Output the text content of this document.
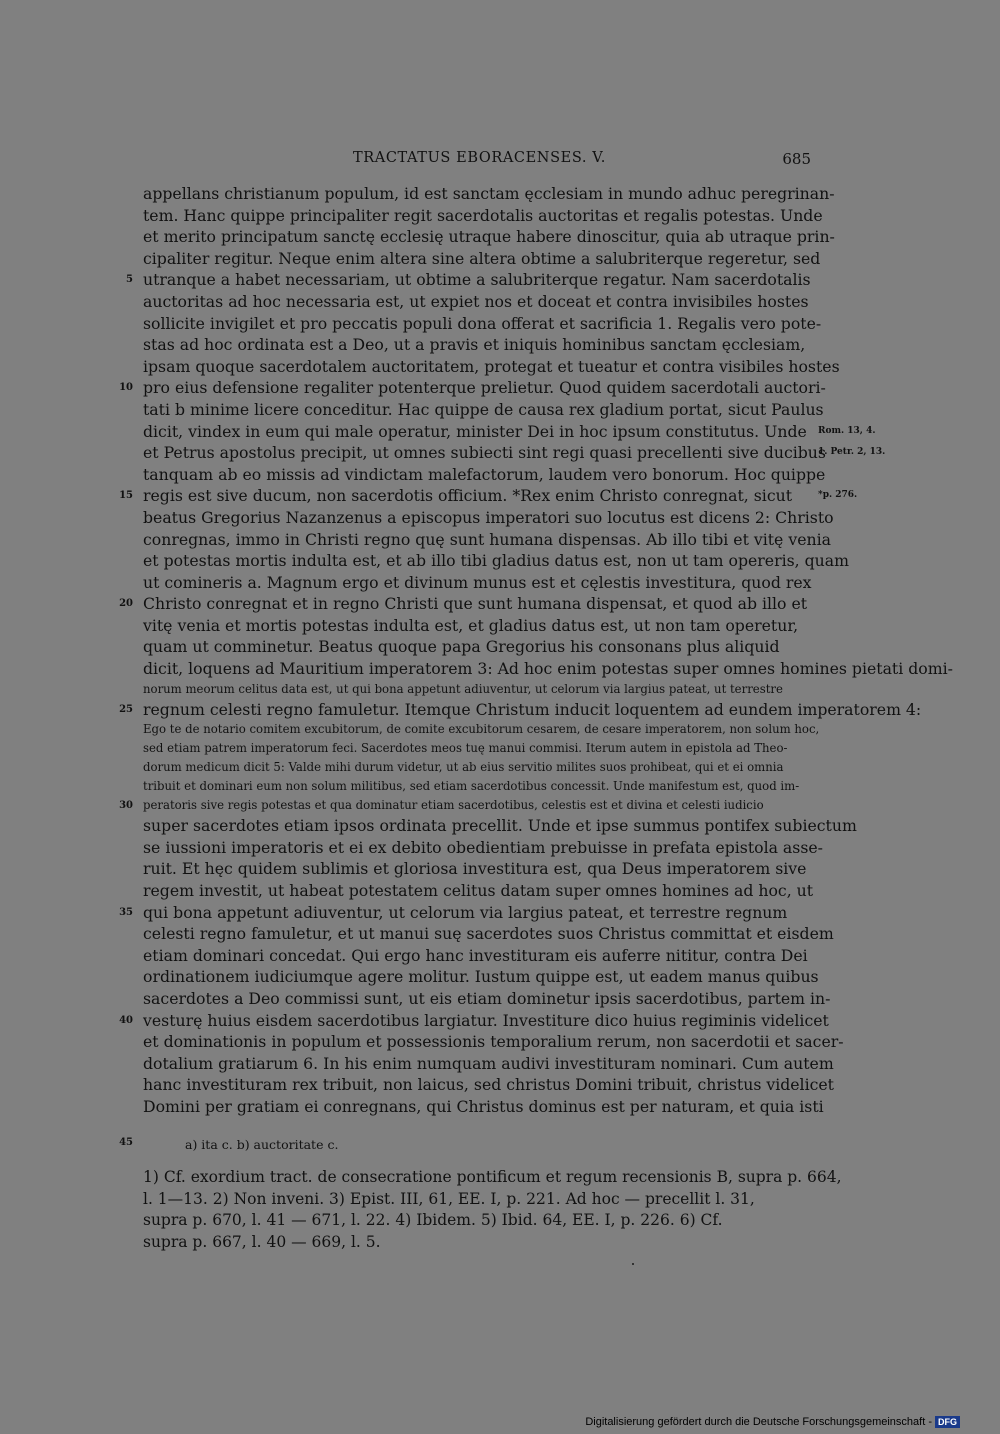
TRACTATUS EBORACENSES. V.	685
appellans christianum populum, id est sanctam ęcclesiam in mundo adhuc peregrinan-
tem. Hanc quippe principaliter regit sacerdotalis auctoritas et regalis potestas. Unde
et merito principatum sanctę ecclesię utraque habere dinoscitur, quia ab utraque prin-
cipaliter regitur. Neque enim altera sine altera obtime a salubriterque regeretur, sed
5 utranque a habet necessariam, ut obtime a salubriterque regatur. Nam sacerdotalis
auctoritas ad hoc necessaria est, ut expiet nos et doceat et contra invisibiles hostes
sollicite invigilet et pro peccatis populi dona offerat et sacrificia 1. Regalis vero pote-
stas ad hoc ordinata est a Deo, ut a pravis et iniquis hominibus sanctam ęcclesiam,
ipsam quoque sacerdotalem auctoritatem, protegat et tueatur et contra visibiles hostes
10 pro eius defensione regaliter potenterque prelietur. Quod quidem sacerdotali auctori-
tati b minime licere conceditur. Hac quippe de causa rex gladium portat, sicut Paulus
dicit, vindex in eum qui male operatur, minister Dei in hoc ipsum constitutus. Unde	Rom. 13, 4.
et Petrus apostolus precipit, ut omnes subiecti sint regi quasi precellenti sive ducibus
1. Petr. 2, 13.
tanquam ab eo missis ad vindictam malefactorum, laudem vero bonorum. Hoc quippe
15 regis est sive ducum, non sacerdotis officium. *Rex enim Christo conregnat, sicut	*p. 276.
beatus Gregorius Nazanzenus a episcopus imperatori suo locutus est dicens 2: Christo
conregnas, immo in Christi regno quę sunt humana dispensas. Ab illo tibi et vitę venia
et potestas mortis indulta est, et ab illo tibi gladius datus est, non ut tam opereris, quam
ut comineris a. Magnum ergo et divinum munus est et cęlestis investitura, quod rex
20 Christo conregnat et in regno Christi que sunt humana dispensat, et quod ab illo et
vitę venia et mortis potestas indulta est, et gladius datus est, ut non tam operetur,
quam ut comminetur. Beatus quoque papa Gregorius his consonans plus aliquid
dicit, loquens ad Mauritium imperatorem 3: Ad hoc enim potestas super omnes homines pietati domi-
norum meorum celitus data est, ut qui bona appetunt adiuventur, ut celorum via largius pateat, ut terrestre
25 regnum celesti regno famuletur. Itemque Christum inducit loquentem ad eundem imperatorem 4:
Ego te de notario comitem excubitorum, de comite excubitorum cesarem, de cesare imperatorem, non solum hoc,
sed etiam patrem imperatorum feci. Sacerdotes meos tuę manui commisi. Iterum autem in epistola ad Theo-
dorum medicum dicit 5: Valde mihi durum videtur, ut ab eius servitio milites suos prohibeat, qui et ei omnia
tribuit et dominari eum non solum militibus, sed etiam sacerdotibus concessit. Unde manifestum est, quod im-
30 peratoris sive regis potestas et qua dominatur etiam sacerdotibus, celestis est et divina et celesti iudicio
super sacerdotes etiam ipsos ordinata precellit. Unde et ipse summus pontifex subiectum
se iussioni imperatoris et ei ex debito obedientiam prebuisse in prefata epistola asse-
ruit. Et hęc quidem sublimis et gloriosa investitura est, qua Deus imperatorem sive
regem investit, ut habeat potestatem celitus datam super omnes homines ad hoc, ut
35 qui bona appetunt adiuventur, ut celorum via largius pateat, et terrestre regnum
celesti regno famuletur, et ut manui suę sacerdotes suos Christus committat et eisdem
etiam dominari concedat. Qui ergo hanc investituram eis auferre nititur, contra Dei
ordinationem iudiciumque agere molitur. Iustum quippe est, ut eadem manus quibus
sacerdotes a Deo commissi sunt, ut eis etiam dominetur ipsis sacerdotibus, partem in-
40 vesturę huius eisdem sacerdotibus largiatur. Investiture dico huius regiminis videlicet
et dominationis in populum et possessionis temporalium rerum, non sacerdotii et sacer-
dotalium gratiarum 6. In his enim numquam audivi investituram nominari. Cum autem
hanc investituram rex tribuit, non laicus, sed christus Domini tribuit, christus videlicet
Domini per gratiam ei conregnans, qui Christus dominus est per naturam, et quia isti
45	a) ita c. b) auctoritate c.
1) Cf. exordium tract. de consecratione pontificum et regum recensionis B, supra p. 664,
l. 1—13. 2) Non inveni. 3) Epist. III, 61, EE. I, p. 221. Ad hoc — precellit l. 31,
supra p. 670, l. 41 — 671, l. 22. 4) Ibidem. 5) Ibid. 64, EE. I, p. 226. 6) Cf.
supra p. 667, l. 40 — 669, l. 5.
Digitalisierung gefördert durch die Deutsche Forschungsgemeinschaft - DFG
